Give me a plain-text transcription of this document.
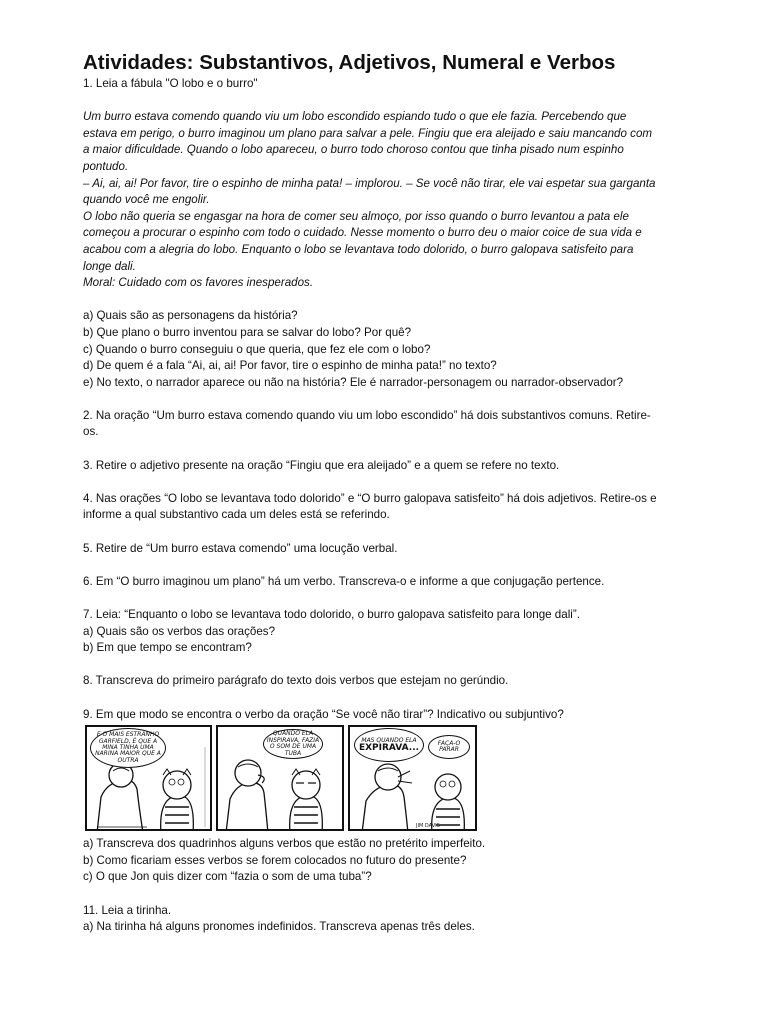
Atividades: Substantivos, Adjetivos, Numeral e Verbos
1. Leia a fábula "O lobo e o burro"
Um burro estava comendo quando viu um lobo escondido espiando tudo o que ele fazia. Percebendo que
estava em perigo, o burro imaginou um plano para salvar a pele. Fingiu que era aleijado e saiu mancando com
a maior dificuldade. Quando o lobo apareceu, o burro todo choroso contou que tinha pisado num espinho
pontudo.
– Ai, ai, ai! Por favor, tire o espinho de minha pata! – implorou. – Se você não tirar, ele vai espetar sua garganta
quando você me engolir.
O lobo não queria se engasgar na hora de comer seu almoço, por isso quando o burro levantou a pata ele
começou a procurar o espinho com todo o cuidado. Nesse momento o burro deu o maior coice de sua vida e
acabou com a alegria do lobo. Enquanto o lobo se levantava todo dolorido, o burro galopava satisfeito para
longe dali.
Moral: Cuidado com os favores inesperados.
a) Quais são as personagens da história?
b) Que plano o burro inventou para se salvar do lobo? Por quê?
c) Quando o burro conseguiu o que queria, que fez ele com o lobo?
d) De quem é a fala “Ai, ai, ai! Por favor, tire o espinho de minha pata!” no texto?
e) No texto, o narrador aparece ou não na história? Ele é narrador-personagem ou narrador-observador?
2. Na oração “Um burro estava comendo quando viu um lobo escondido” há dois substantivos comuns. Retire-
os.
3. Retire o adjetivo presente na oração “Fingiu que era aleijado” e a quem se refere no texto.
4. Nas orações “O lobo se levantava todo dolorido” e “O burro galopava satisfeito” há dois adjetivos. Retire-os e
informe a qual substantivo cada um deles está se referindo.
5. Retire de “Um burro estava comendo” uma locução verbal.
6. Em “O burro imaginou um plano” há um verbo. Transcreva-o e informe a que conjugação pertence.
7. Leia: “Enquanto o lobo se levantava todo dolorido, o burro galopava satisfeito para longe dali”.
a) Quais são os verbos das orações?
b) Em que tempo se encontram?
8. Transcreva do primeiro parágrafo do texto dois verbos que estejam no gerúndio.
9. Em que modo se encontra o verbo da oração “Se você não tirar”? Indicativo ou subjuntivo?
E O MAIS ESTRANHO GARFIELD, É QUE A MINA TINHA UMA NARINA MAIOR QUE A OUTRA
QUANDO ELA INSPIRAVA, FAZIA O SOM DE UMA TUBA
MAS QUANDO ELA
EXPIRAVA...	FAÇA-O PARAR
JIM DAVIS
a) Transcreva dos quadrinhos alguns verbos que estão no pretérito imperfeito.
b) Como ficariam esses verbos se forem colocados no futuro do presente?
c) O que Jon quis dizer com “fazia o som de uma tuba”?
11. Leia a tirinha.
a) Na tirinha há alguns pronomes indefinidos. Transcreva apenas três deles.
